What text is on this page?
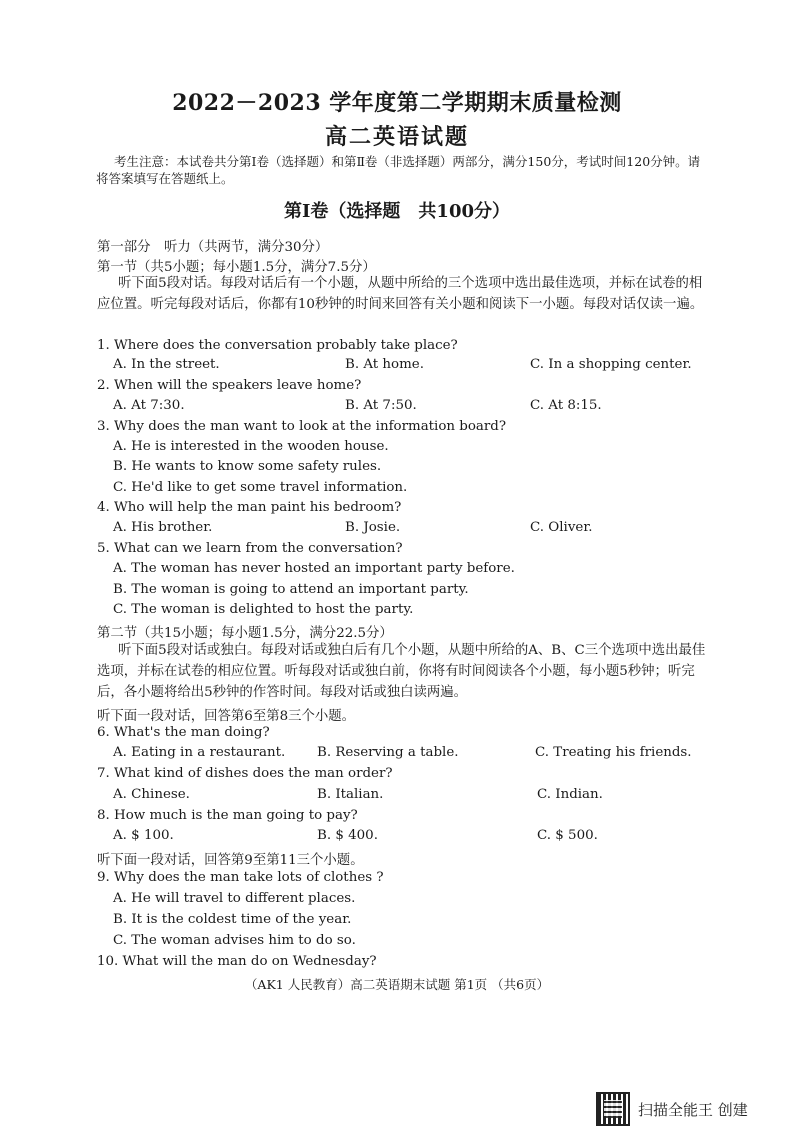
2022－2023 学年度第二学期期末质量检测
高二英语试题
考生注意：本试卷共分第Ⅰ卷（选择题）和第Ⅱ卷（非选择题）两部分，满分150分，考试时间120分钟。请将答案填写在答题纸上。
第Ⅰ卷（选择题　共100分）
第一部分　听力（共两节，满分30分）
第一节（共5小题；每小题1.5分，满分7.5分）
听下面5段对话。每段对话后有一个小题，从题中所给的三个选项中选出最佳选项，并标在试卷的相应位置。听完每段对话后，你都有10秒钟的时间来回答有关小题和阅读下一小题。每段对话仅读一遍。
1. Where does the conversation probably take place?
A. In the street.	B. At home.	C. In a shopping center.
2. When will the speakers leave home?
A. At 7:30.	B. At 7:50.	C. At 8:15.
3. Why does the man want to look at the information board?
A. He is interested in the wooden house.
B. He wants to know some safety rules.
C. He'd like to get some travel information.
4. Who will help the man paint his bedroom?
A. His brother.	B. Josie.	C. Oliver.
5. What can we learn from the conversation?
A. The woman has never hosted an important party before.
B. The woman is going to attend an important party.
C. The woman is delighted to host the party.
第二节（共15小题；每小题1.5分，满分22.5分）
听下面5段对话或独白。每段对话或独白后有几个小题，从题中所给的A、B、C三个选项中选出最佳选项，并标在试卷的相应位置。听每段对话或独白前，你将有时间阅读各个小题，每小题5秒钟；听完后，各小题将给出5秒钟的作答时间。每段对话或独白读两遍。
听下面一段对话，回答第6至第8三个小题。
6. What's the man doing?
A. Eating in a restaurant. B. Reserving a table.	C. Treating his friends.
7. What kind of dishes does the man order?
A. Chinese.	B. Italian.	C. Indian.
8. How much is the man going to pay?
A. $ 100.	B. $ 400.	C. $ 500.
听下面一段对话，回答第9至第11三个小题。
9. Why does the man take lots of clothes ?
A. He will travel to different places.
B. It is the coldest time of the year.
C. The woman advises him to do so.
10. What will the man do on Wednesday?
（AK1 人民教育）高二英语期末试题 第1页 （共6页）
扫描全能王 创建
